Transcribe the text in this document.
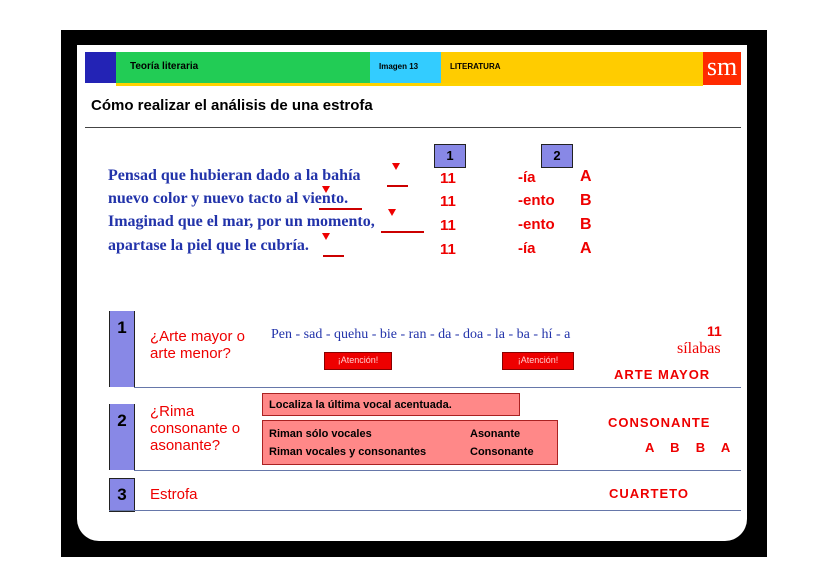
Teoría literaria	Imagen 13	LITERATURA	sm
Cómo realizar el análisis de una estrofa
1	2
Pensad que hubieran dado a la bahía
nuevo color y nuevo tacto al viento.
Imaginad que el mar, por un momento,
apartase la piel que le cubría.
11	-ía	A
11	-ento B
11	-ento B
11	-ía	A
1	¿Arte mayor o arte menor?
Pen - sad - quehu - bie - ran - da - doa - la - ba - hí - a	11
sílabas
¡Atención!	¡Atención!
ARTE MAYOR
2	¿Rima consonante o asonante?
Localiza la última vocal acentuada.
Riman sólo vocales	Asonante
Riman vocales y consonantes	Consonante
CONSONANTE
A  B  B  A
3	Estrofa	CUARTETO
